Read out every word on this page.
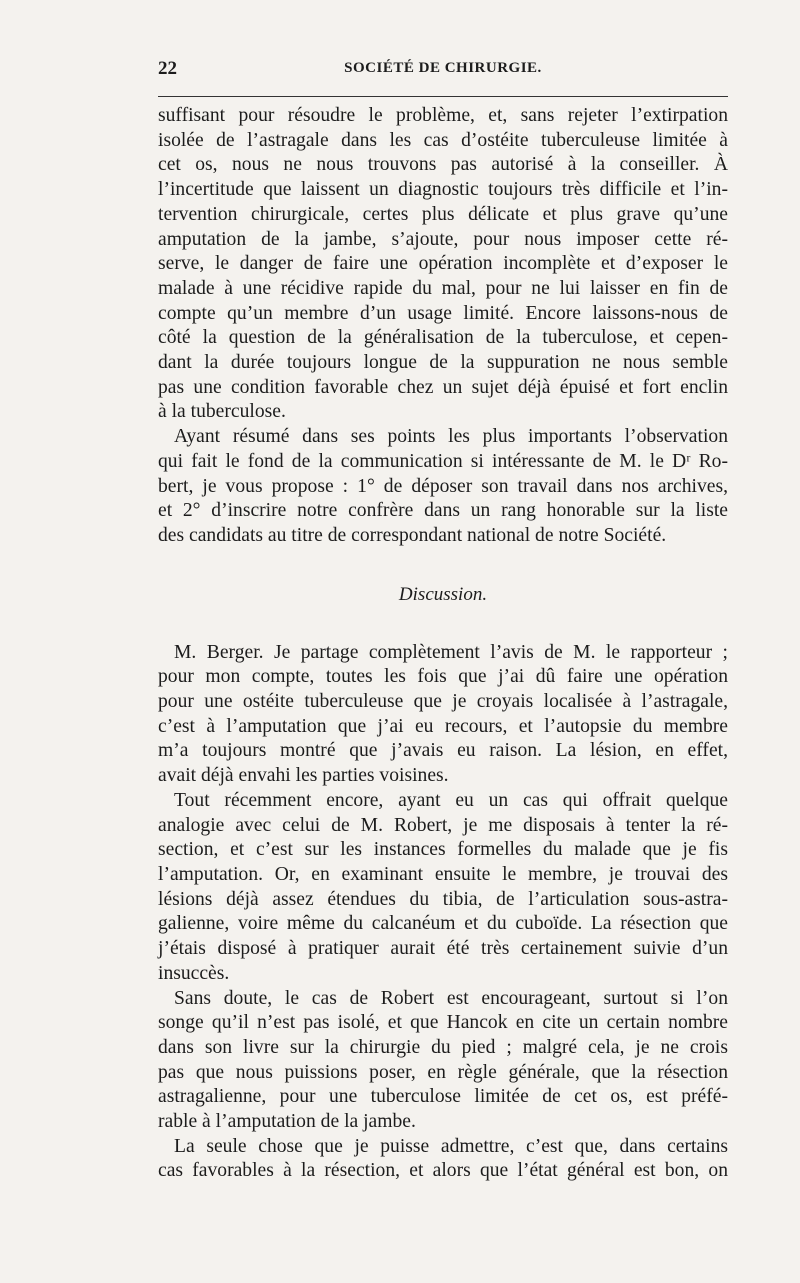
22	SOCIÉTÉ DE CHIRURGIE.
suffisant pour résoudre le problème, et, sans rejeter l’extirpation
isolée de l’astragale dans les cas d’ostéite tuberculeuse limitée à
cet os, nous ne nous trouvons pas autorisé à la conseiller. À
l’incertitude que laissent un diagnostic toujours très difficile et l’in-
tervention chirurgicale, certes plus délicate et plus grave qu’une
amputation de la jambe, s’ajoute, pour nous imposer cette ré-
serve, le danger de faire une opération incomplète et d’exposer le
malade à une récidive rapide du mal, pour ne lui laisser en fin de
compte qu’un membre d’un usage limité. Encore laissons-nous de
côté la question de la généralisation de la tuberculose, et cepen-
dant la durée toujours longue de la suppuration ne nous semble
pas une condition favorable chez un sujet déjà épuisé et fort enclin
à la tuberculose.
Ayant résumé dans ses points les plus importants l’observation
qui fait le fond de la communication si intéressante de M. le Dʳ Ro-
bert, je vous propose : 1° de déposer son travail dans nos archives,
et 2° d’inscrire notre confrère dans un rang honorable sur la liste
des candidats au titre de correspondant national de notre Société.
Discussion.
M. Berger. Je partage complètement l’avis de M. le rapporteur ;
pour mon compte, toutes les fois que j’ai dû faire une opération
pour une ostéite tuberculeuse que je croyais localisée à l’astragale,
c’est à l’amputation que j’ai eu recours, et l’autopsie du membre
m’a toujours montré que j’avais eu raison. La lésion, en effet,
avait déjà envahi les parties voisines.
Tout récemment encore, ayant eu un cas qui offrait quelque
analogie avec celui de M. Robert, je me disposais à tenter la ré-
section, et c’est sur les instances formelles du malade que je fis
l’amputation. Or, en examinant ensuite le membre, je trouvai des
lésions déjà assez étendues du tibia, de l’articulation sous-astra-
galienne, voire même du calcanéum et du cuboïde. La résection que
j’étais disposé à pratiquer aurait été très certainement suivie d’un
insuccès.
Sans doute, le cas de Robert est encourageant, surtout si l’on
songe qu’il n’est pas isolé, et que Hancok en cite un certain nombre
dans son livre sur la chirurgie du pied ; malgré cela, je ne crois
pas que nous puissions poser, en règle générale, que la résection
astragalienne, pour une tuberculose limitée de cet os, est préfé-
rable à l’amputation de la jambe.
La seule chose que je puisse admettre, c’est que, dans certains
cas favorables à la résection, et alors que l’état général est bon, on
